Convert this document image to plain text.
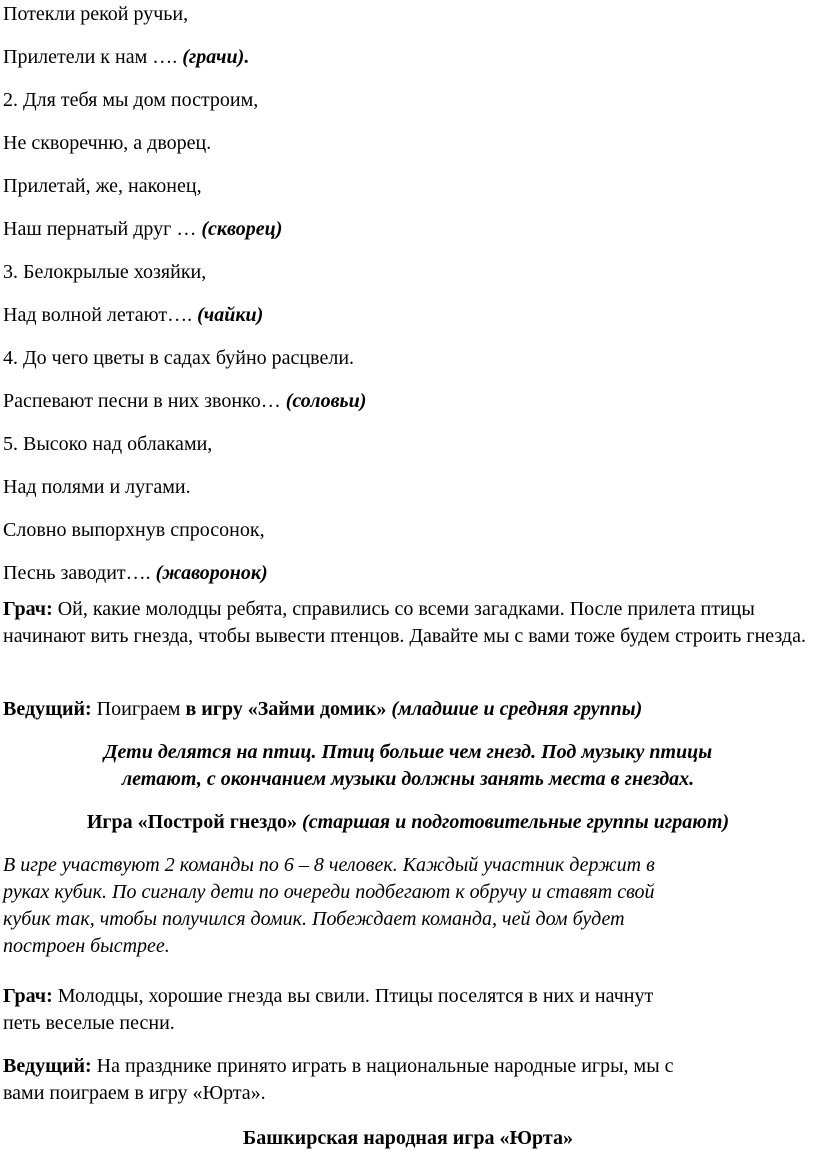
Потекли рекой ручьи,
Прилетели к нам …. (грачи).
2. Для тебя мы дом построим,
Не скворечню, а дворец.
Прилетай, же, наконец,
Наш пернатый друг … (скворец)
3. Белокрылые хозяйки,
Над волной летают…. (чайки)
4. До чего цветы в садах буйно расцвели.
Распевают песни в них звонко… (соловьи)
5. Высоко над облаками,
Над полями и лугами.
Словно выпорхнув спросонок,
Песнь заводит…. (жаворонок)
Грач: Ой, какие молодцы ребята, справились со всеми загадками. После прилета птицы начинают вить гнезда, чтобы вывести птенцов. Давайте мы с вами тоже будем строить гнезда.
Ведущий: Поиграем в игру «Займи домик» (младшие и средняя группы)
Дети делятся на птиц. Птиц больше чем гнезд. Под музыку птицы
летают, с окончанием музыки должны занять места в гнездах.
Игра «Построй гнездо» (старшая и подготовительные группы играют)
В игре участвуют 2 команды по 6 – 8 человек. Каждый участник держит в
руках кубик. По сигналу дети по очереди подбегают к обручу и ставят свой
кубик так, чтобы получился домик. Побеждает команда, чей дом будет
построен быстрее.
Грач: Молодцы, хорошие гнезда вы свили. Птицы поселятся в них и начнут
петь веселые песни.
Ведущий: На празднике принято играть в национальные народные игры, мы с
вами поиграем в игру «Юрта».
Башкирская народная игра «Юрта»
